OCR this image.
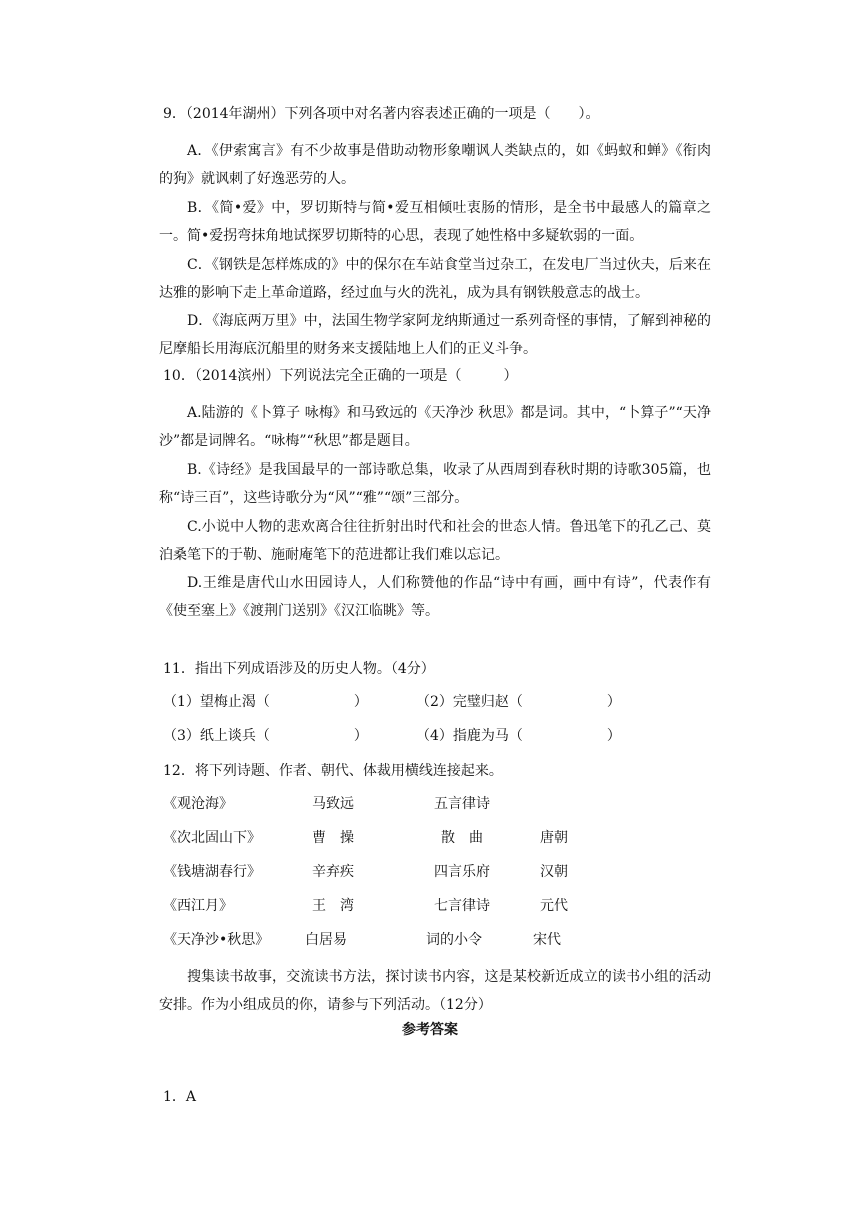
9．（2014年湖州）下列各项中对名著内容表述正确的一项是（　　）。
A．《伊索寓言》有不少故事是借助动物形象嘲讽人类缺点的，如《蚂蚁和蝉》《衔肉的狗》就讽刺了好逸恶劳的人。
B．《简•爱》中，罗切斯特与简•爱互相倾吐衷肠的情形，是全书中最感人的篇章之一。简•爱拐弯抹角地试探罗切斯特的心思，表现了她性格中多疑软弱的一面。
C．《钢铁是怎样炼成的》中的保尔在车站食堂当过杂工，在发电厂当过伙夫，后来在达雅的影响下走上革命道路，经过血与火的洗礼，成为具有钢铁般意志的战士。
D．《海底两万里》中，法国生物学家阿龙纳斯通过一系列奇怪的事情，了解到神秘的尼摩船长用海底沉船里的财务来支援陆地上人们的正义斗争。
10．（2014滨州）下列说法完全正确的一项是（　　　）
A.陆游的《卜算子 咏梅》和马致远的《天净沙 秋思》都是词。其中，“卜算子”“天净沙”都是词牌名。“咏梅”“秋思”都是题目。
B.《诗经》是我国最早的一部诗歌总集，收录了从西周到春秋时期的诗歌305篇，也称“诗三百”，这些诗歌分为“风”“雅”“颂”三部分。
C.小说中人物的悲欢离合往往折射出时代和社会的世态人情。鲁迅笔下的孔乙己、莫泊桑笔下的于勒、施耐庵笔下的范进都让我们难以忘记。
D.王维是唐代山水田园诗人，人们称赞他的作品“诗中有画，画中有诗”，代表作有《使至塞上》《渡荆门送别》《汉江临眺》等。
11．指出下列成语涉及的历史人物。（4分）
（1）望梅止渴（　　　　　　）	（2）完璧归赵（　　　　　　）
（3）纸上谈兵（　　　　　　）	（4）指鹿为马（　　　　　　）
12．将下列诗题、作者、朝代、体裁用横线连接起来。
《观沧海》	马致远	五言律诗
《次北固山下》	曹　操	散　曲	唐朝
《钱塘湖春行》	辛弃疾	四言乐府	汉朝
《西江月》	王　湾	七言律诗	元代
《天净沙•秋思》	白居易	词的小令	宋代
搜集读书故事，交流读书方法，探讨读书内容，这是某校新近成立的读书小组的活动安排。作为小组成员的你，请参与下列活动。（12分）
参考答案
1．A
